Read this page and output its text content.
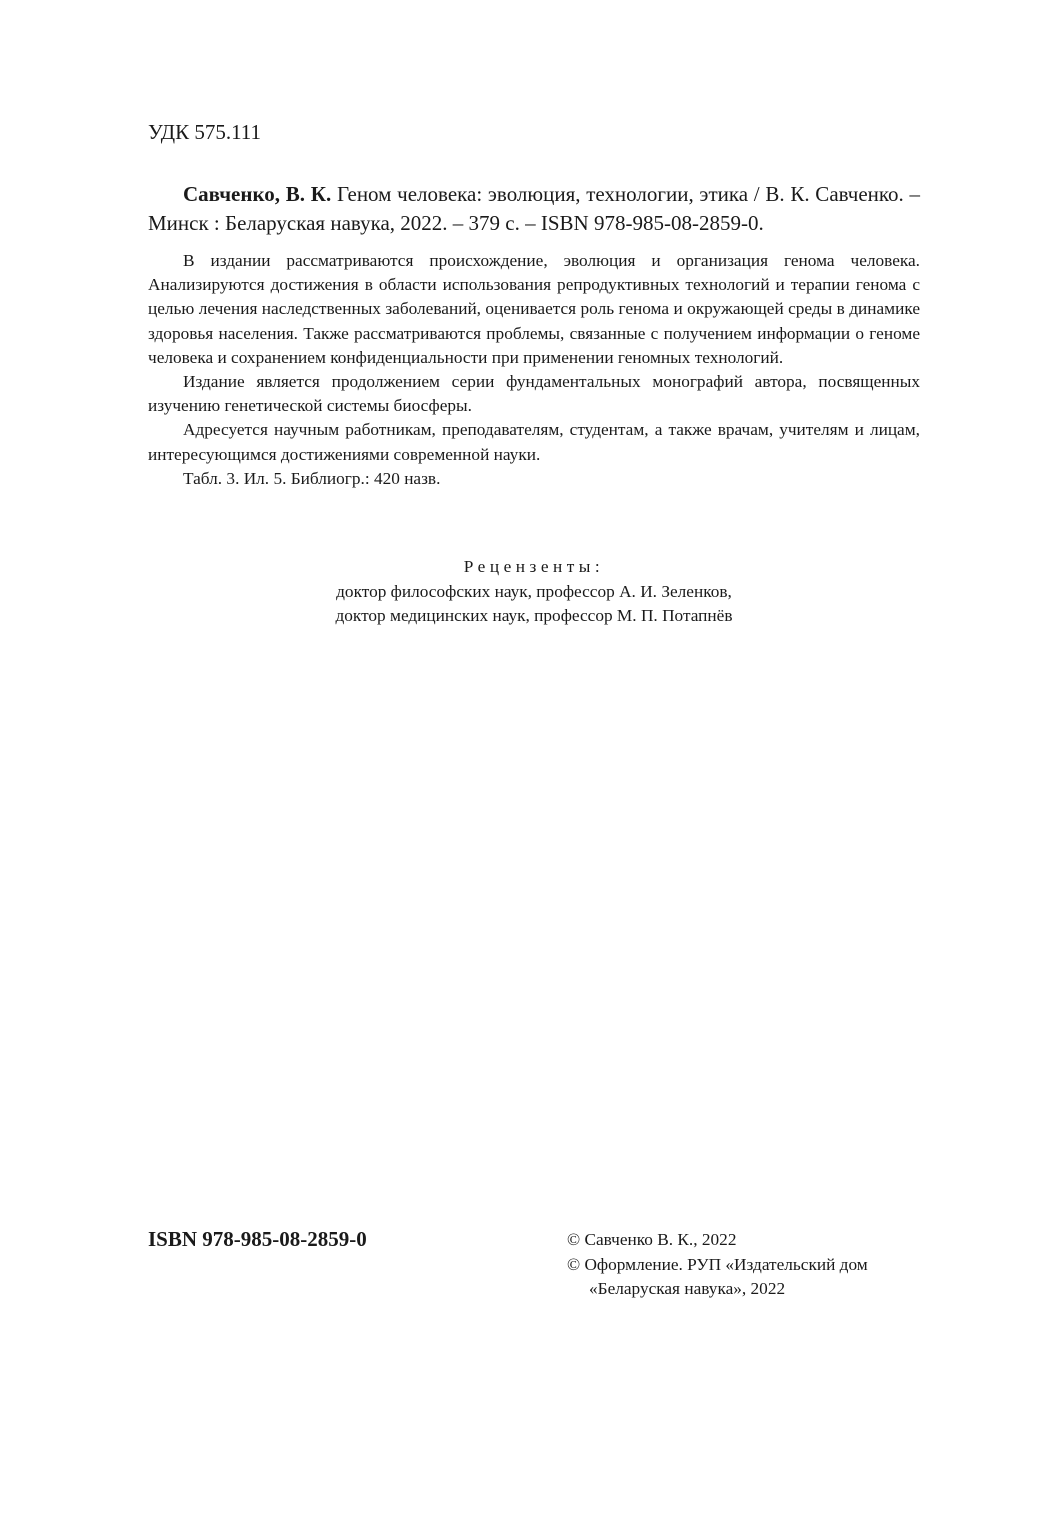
УДК 575.111

Савченко, В. К. Геном человека: эволюция, технологии, этика / В. К. Савченко. – Минск : Беларуская навука, 2022. – 379 с. – ISBN 978-985-08-2859-0.

В издании рассматриваются происхождение, эволюция и организация генома человека. Анализируются достижения в области использования репродуктивных технологий и терапии генома с целью лечения наследственных заболеваний, оценивается роль генома и окружающей среды в динамике здоровья населения. Также рассматриваются проблемы, связанные с получением информации о геноме человека и сохранением конфиденциальности при применении геномных технологий.

Издание является продолжением серии фундаментальных монографий автора, посвященных изучению генетической системы биосферы.

Адресуется научным работникам, преподавателям, студентам, а также врачам, учителям и лицам, интересующимся достижениями современной науки.

Табл. 3. Ил. 5. Библиогр.: 420 назв.

Рецензенты:

доктор философских наук, профессор А. И. Зеленков,

доктор медицинских наук, профессор М. П. Потапнёв

ISBN 978-985-08-2859-0	© Савченко В. К., 2022

© Оформление. РУП «Издательский дом

«Беларуская навука», 2022
